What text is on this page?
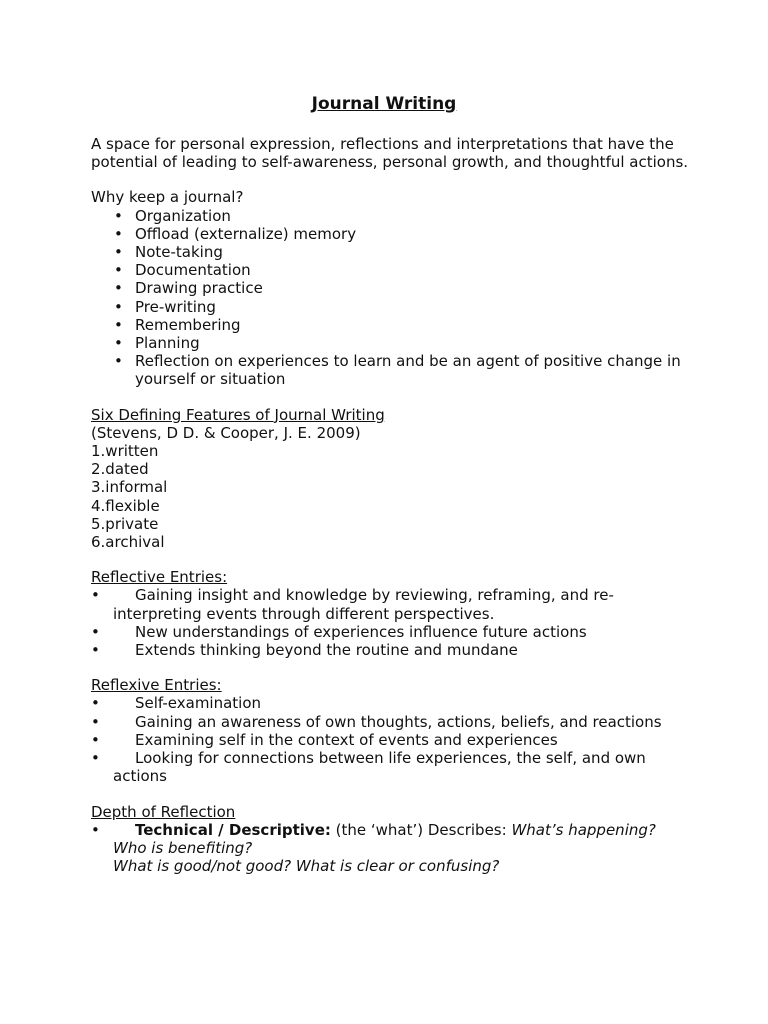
Journal Writing

A space for personal expression, reflections and interpretations that have the potential of leading to self-awareness, personal growth, and thoughtful actions.

Why keep a journal?

• Organization
• Offload (externalize) memory
• Note-taking
• Documentation
• Drawing practice
• Pre-writing
• Remembering
• Planning
• Reflection on experiences to learn and be an agent of positive change in yourself or situation

Six Defining Features of Journal Writing

(Stevens, D D. & Cooper, J. E. 2009)

1.written

2.dated

3.informal

4.flexible

5.private

6.archival

Reflective Entries:

• Gaining insight and knowledge by reviewing, reframing, and re-interpreting events through different perspectives.
• New understandings of experiences influence future actions
• Extends thinking beyond the routine and mundane

Reflexive Entries:

• Self-examination
• Gaining an awareness of own thoughts, actions, beliefs, and reactions
• Examining self in the context of events and experiences
• Looking for connections between life experiences, the self, and own actions

Depth of Reflection

• Technical / Descriptive: (the ‘what’) Describes: What’s happening?
Who is benefiting?
What is good/not good? What is clear or confusing?
